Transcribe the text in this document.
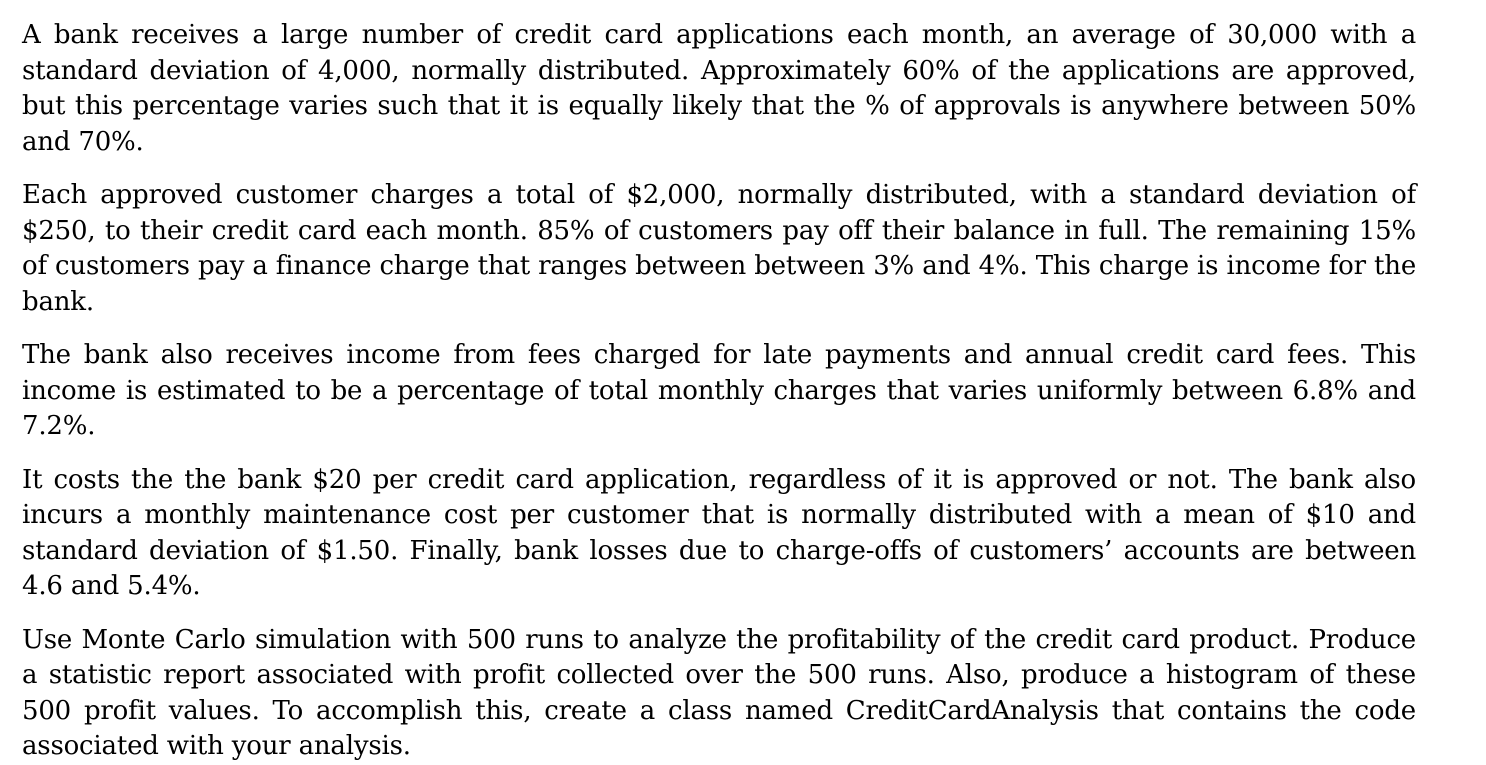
A bank receives a large number of credit card applications each month, an average of 30,000 with a standard deviation of 4,000, normally distributed. Approximately 60% of the applications are approved, but this percentage varies such that it is equally likely that the % of approvals is anywhere between 50% and 70%.

Each approved customer charges a total of $2,000, normally distributed, with a standard deviation of $250, to their credit card each month. 85% of customers pay off their balance in full. The remaining 15% of customers pay a finance charge that ranges between between 3% and 4%. This charge is income for the bank.

The bank also receives income from fees charged for late payments and annual credit card fees. This income is estimated to be a percentage of total monthly charges that varies uniformly between 6.8% and 7.2%.

It costs the the bank $20 per credit card application, regardless of it is approved or not. The bank also incurs a monthly maintenance cost per customer that is normally distributed with a mean of $10 and standard deviation of $1.50. Finally, bank losses due to charge-offs of customers’ accounts are between 4.6 and 5.4%.

Use Monte Carlo simulation with 500 runs to analyze the profitability of the credit card product. Produce a statistic report associated with profit collected over the 500 runs. Also, produce a histogram of these 500 profit values. To accomplish this, create a class named CreditCardAnalysis that contains the code associated with your analysis.
